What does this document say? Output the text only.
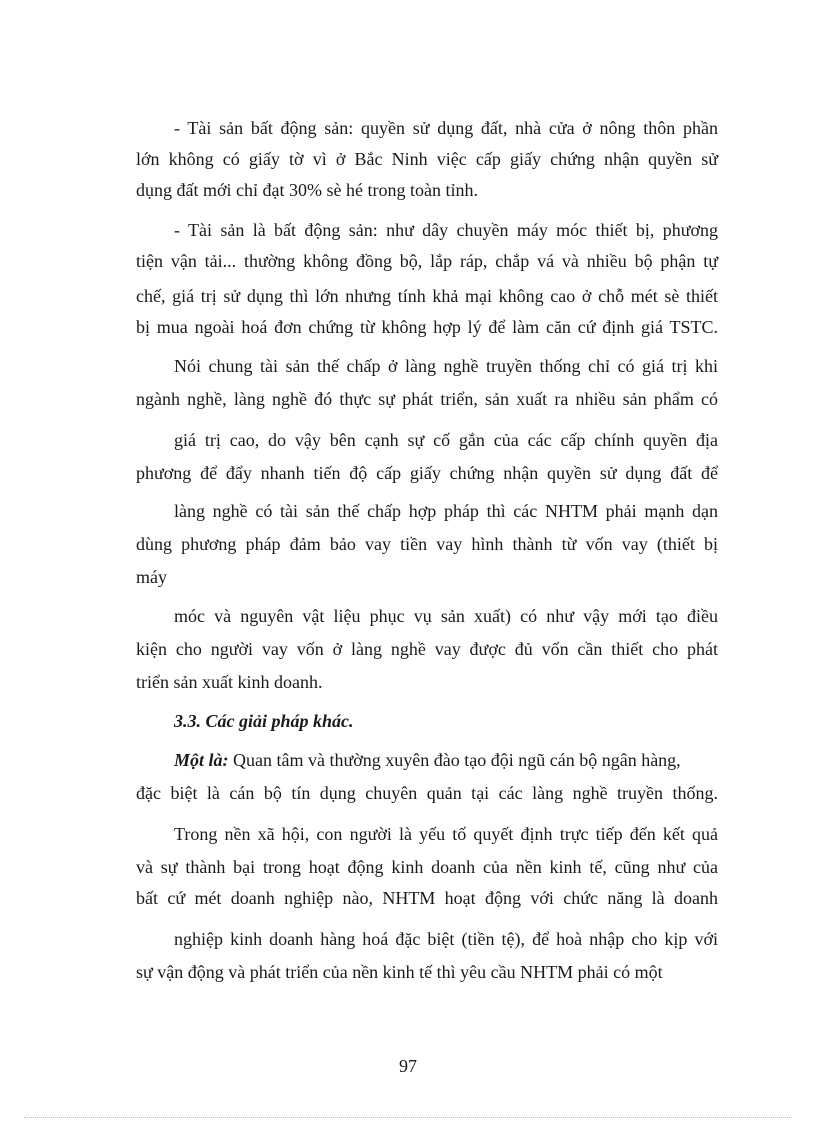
- Tài sản bất động sản: quyền sử dụng đất, nhà cửa ở nông thôn phần
lớn không có giấy tờ vì ở Bắc Ninh việc cấp giấy chứng nhận quyền sử
dụng đất mới chỉ đạt 30% sè hé trong toàn tỉnh.
- Tài sản là bất động sản: như dây chuyền máy móc thiết bị, phương
tiện vận tải... thường không đồng bộ, lắp ráp, chắp vá và nhiều bộ phận tự
chế, giá trị sử dụng thì lớn nhưng tính khả mại không cao ở chỗ mét sè thiết
bị mua ngoài hoá đơn chứng từ không hợp lý để làm căn cứ định giá TSTC.
Nói chung tài sản thế chấp ở làng nghề truyền thống chỉ có giá trị khi
ngành nghề, làng nghề đó thực sự phát triển, sản xuất ra nhiều sản phẩm có
giá trị cao, do vậy bên cạnh sự cố gắn của các cấp chính quyền địa
phương để đẩy nhanh tiến độ cấp giấy chứng nhận quyền sử dụng đất để
làng nghề có tài sản thế chấp hợp pháp thì các NHTM phải mạnh dạn
dùng phương pháp đảm bảo vay tiền vay hình thành từ vốn vay (thiết bị
máy
móc và nguyên vật liệu phục vụ sản xuất) có như vậy mới tạo điều
kiện cho người vay vốn ở làng nghề vay được đủ vốn cần thiết cho phát
triển sản xuất kinh doanh.
3.3. Các giải pháp khác.
Một là: Quan tâm và thường xuyên đào tạo đội ngũ cán bộ ngân hàng,
đặc biệt là cán bộ tín dụng chuyên quản tại các làng nghề truyền thống.
Trong nền xã hội, con người là yếu tố quyết định trực tiếp đến kết quả
và sự thành bại trong hoạt động kinh doanh của nền kinh tế, cũng như của
bất cứ mét doanh nghiệp nào, NHTM hoạt động với chức năng là doanh
nghiệp kinh doanh hàng hoá đặc biệt (tiền tệ), để hoà nhập cho kịp với
sự vận động và phát triển của nền kinh tế thì yêu cầu NHTM phải có một
97
